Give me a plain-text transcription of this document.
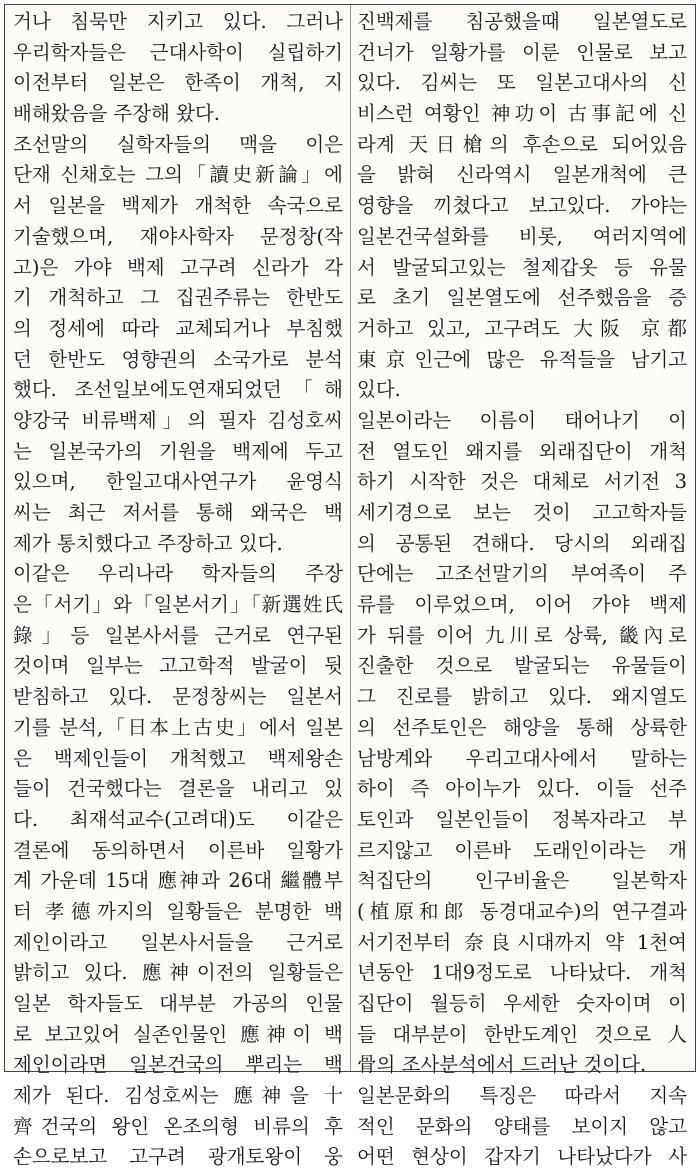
거나 침묵만 지키고 있다. 그러나
우리학자들은 근대사학이 실립하기
이전부터 일본은 한족이 개척, 지
배해왔음을 주장해 왔다.
조선말의 실학자들의 맥을 이은
단재 신채호는 그의「讀史新論」에
서 일본을 백제가 개척한 속국으로
기술했으며, 재야사학자 문정창(작
고)은 가야 백제 고구려 신라가 각
기 개척하고 그 집권주류는 한반도
의 정세에 따라 교체되거나 부침했
던 한반도 영향권의 소국가로 분석
했다. 조선일보에도연재되었던「해
양강국 비류백제」의 필자 김성호씨
는 일본국가의 기원을 백제에 두고
있으며, 한일고대사연구가 윤영식
씨는 최근 저서를 통해 왜국은 백
제가 통치했다고 주장하고 있다.
이같은 우리나라 학자들의 주장
은「서기」와「일본서기」「新選姓氏
錄」등 일본사서를 근거로 연구된
것이며 일부는 고고학적 발굴이 뒷
받침하고 있다. 문정창씨는 일본서
기를 분석,「日本上古史」에서 일본
은 백제인들이 개척했고 백제왕손
들이 건국했다는 결론을 내리고 있
다. 최재석교수(고려대)도 이같은
결론에 동의하면서 이른바 일황가
계 가운데 15대 應神과 26대 繼體부
터 孝德까지의 일황들은 분명한 백
제인이라고 일본사서들을 근거로
밝히고 있다. 應神이전의 일황들은
일본 학자들도 대부분 가공의 인물
로 보고있어 실존인물인 應神이 백
제인이라면 일본건국의 뿌리는 백
제가 된다. 김성호씨는 應神을 十
齊건국의 왕인 온조의형 비류의 후
손으로보고 고구려 광개토왕이 웅
진백제를 침공했을때 일본열도로
건너가 일황가를 이룬 인물로 보고
있다. 김씨는 또 일본고대사의 신
비스런 여황인 神功이 古事記에 신
라계 天日槍의 후손으로 되어있음
을 밝혀 신라역시 일본개척에 큰
영향을 끼쳤다고 보고있다. 가야는
일본건국설화를 비롯, 여러지역에
서 발굴되고있는 철제갑옷 등 유물
로 초기 일본열도에 선주했음을 증
거하고 있고, 고구려도 大阪 京都
東京인근에 많은 유적들을 남기고
있다.
일본이라는 이름이 태어나기 이
전 열도인 왜지를 외래집단이 개척
하기 시작한 것은 대체로 서기전 3
세기경으로 보는 것이 고고학자들
의 공통된 견해다. 당시의 외래집
단에는 고조선말기의 부여족이 주
류를 이루었으며, 이어 가야 백제
가 뒤를 이어 九川로 상륙, 畿內로
진출한 것으로 발굴되는 유물들이
그 진로를 밝히고 있다. 왜지열도
의 선주토인은 해양을 통해 상륙한
남방계와 우리고대사에서 말하는
하이 즉 아이누가 있다. 이들 선주
토인과 일본인들이 정복자라고 부
르지않고 이른바 도래인이라는 개
척집단의 인구비율은 일본학자
(植原和郎 동경대교수)의 연구결과
서기전부터 奈良시대까지 약 1천여
년동안 1대9정도로 나타났다. 개척
집단이 월등히 우세한 숫자이며 이
들 대부분이 한반도계인 것으로 人
骨의 조사분석에서 드러난 것이다.
일본문화의 특징은 따라서 지속
적인 문화의 양태를 보이지 않고
어떤 현상이 갑자기 나타났다가 사
